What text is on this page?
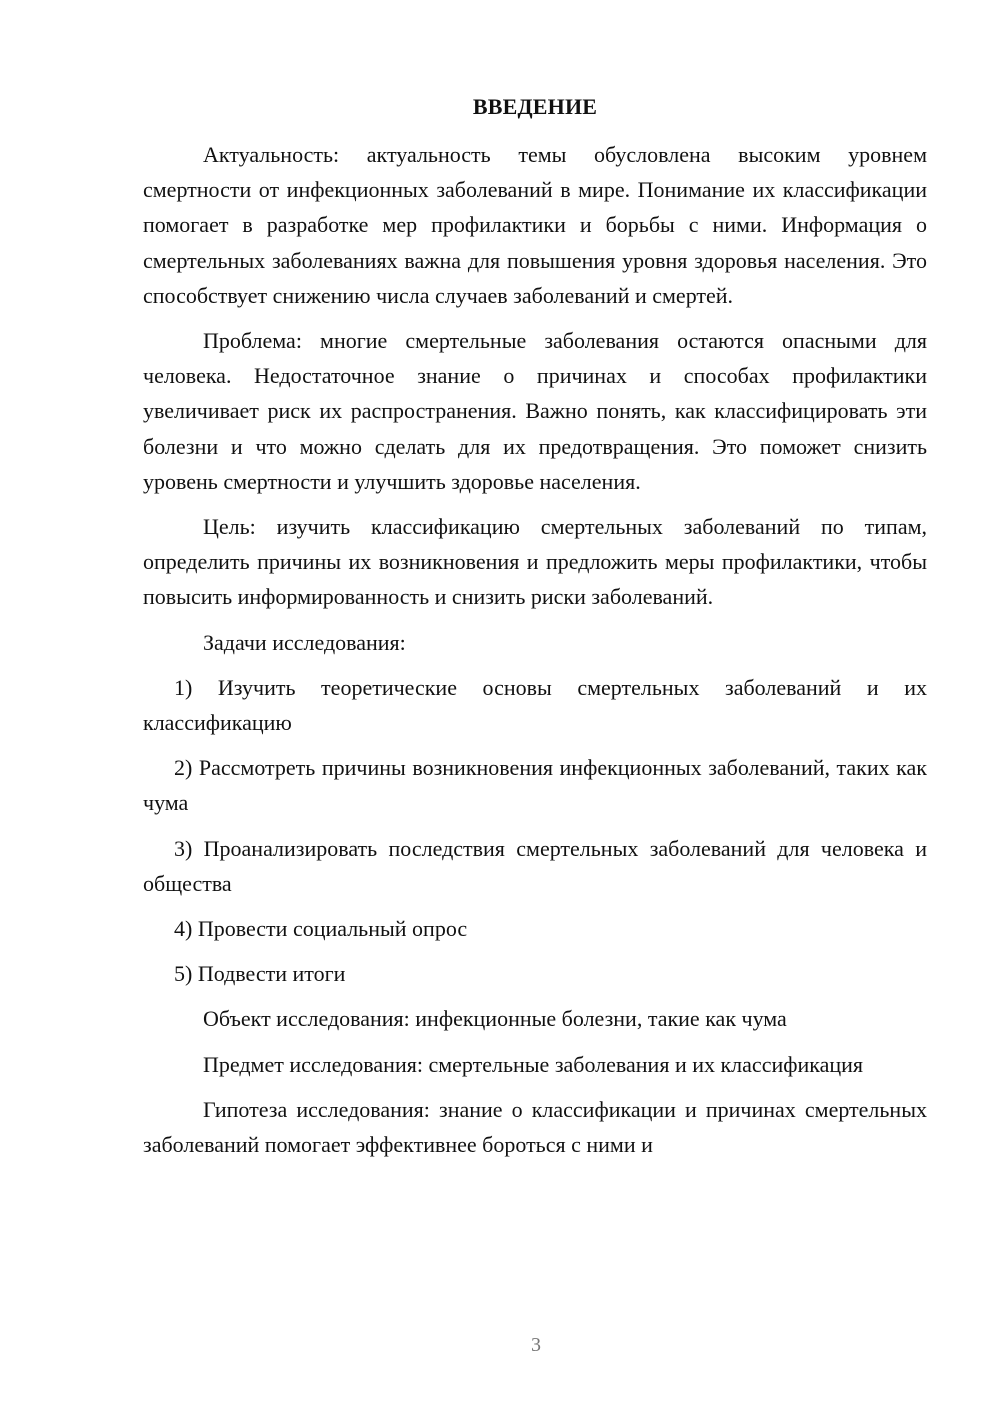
ВВЕДЕНИЕ

Актуальность: актуальность темы обусловлена высоким уровнем смертности от инфекционных заболеваний в мире. Понимание их классификации помогает в разработке мер профилактики и борьбы с ними. Информация о смертельных заболеваниях важна для повышения уровня здоровья населения. Это способствует снижению числа случаев заболеваний и смертей.

Проблема: многие смертельные заболевания остаются опасными для человека. Недостаточное знание о причинах и способах профилактики увеличивает риск их распространения. Важно понять, как классифицировать эти болезни и что можно сделать для их предотвращения. Это поможет снизить уровень смертности и улучшить здоровье населения.

Цель: изучить классификацию смертельных заболеваний по типам, определить причины их возникновения и предложить меры профилактики, чтобы повысить информированность и снизить риски заболеваний.

Задачи исследования:

1) Изучить теоретические основы смертельных заболеваний и их классификацию

2) Рассмотреть причины возникновения инфекционных заболеваний, таких как чума

3) Проанализировать последствия смертельных заболеваний для человека и общества

4) Провести социальный опрос

5) Подвести итоги

Объект исследования: инфекционные болезни, такие как чума

Предмет исследования: смертельные заболевания и их классификация

Гипотеза исследования: знание о классификации и причинах смертельных заболеваний помогает эффективнее бороться с ними и

3
